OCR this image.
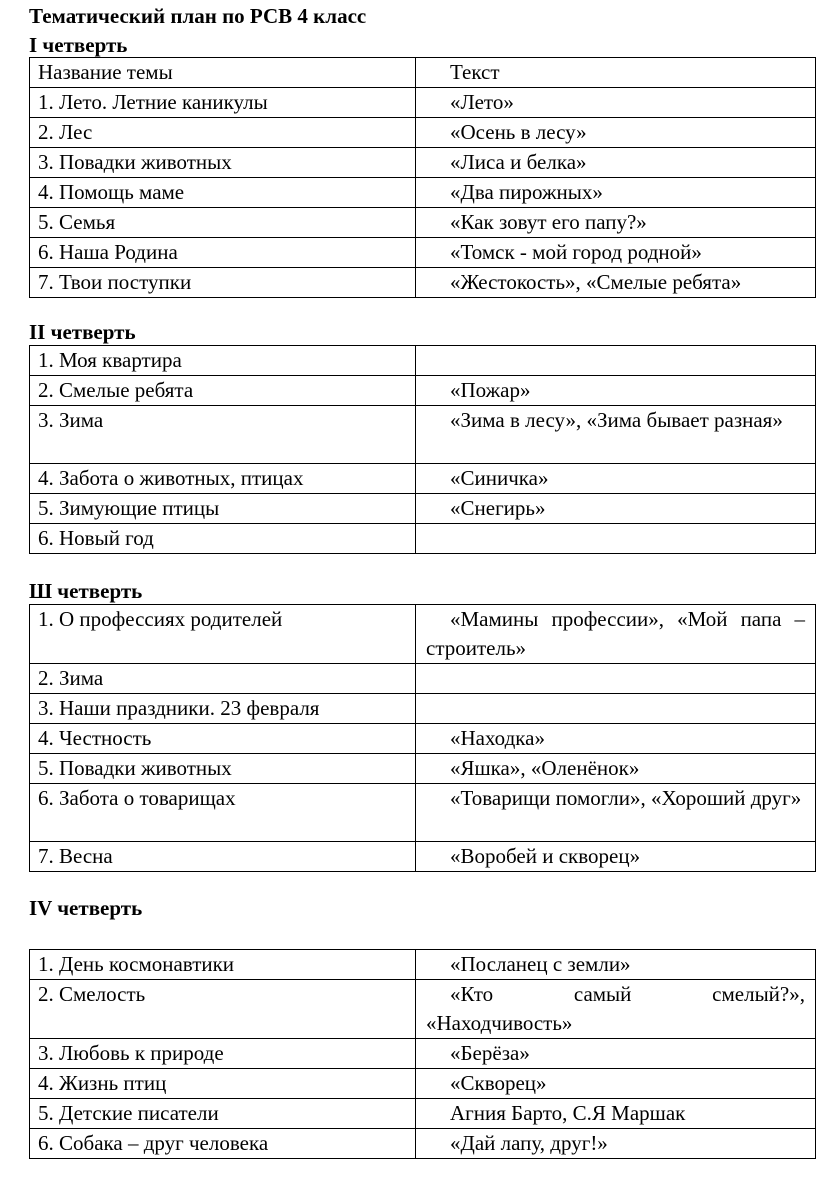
Тематический план по РСВ 4 класс
I четверть
Название темы	Текст
1. Лето. Летние каникулы	«Лето»
2. Лес	«Осень в лесу»
3. Повадки животных	«Лиса и белка»
4. Помощь маме	«Два пирожных»
5. Семья	«Как зовут его папу?»
6. Наша Родина	«Томск - мой город родной»
7. Твои поступки	«Жестокость», «Смелые ребята»
II четверть
1. Моя квартира	
2. Смелые ребята	«Пожар»
3. Зима	«Зима в лесу», «Зима бывает разная»
4. Забота о животных, птицах	«Синичка»
5. Зимующие птицы	«Снегирь»
6. Новый год	
Ш четверть
1. О профессиях родителей	«Мамины профессии», «Мой папа – строитель»
2. Зима	
3. Наши праздники. 23 февраля	
4. Честность	«Находка»
5. Повадки животных	«Яшка», «Оленёнок»
6. Забота о товарищах	«Товарищи помогли», «Хороший друг»
7. Весна	«Воробей и скворец»
IV четверть
1. День космонавтики	«Посланец с земли»
2. Смелость	«Кто самый смелый?», «Находчивость»
3. Любовь к природе	«Берёза»
4. Жизнь птиц	«Скворец»
5. Детские писатели	Агния Барто, С.Я Маршак
6. Собака – друг человека	«Дай лапу, друг!»
